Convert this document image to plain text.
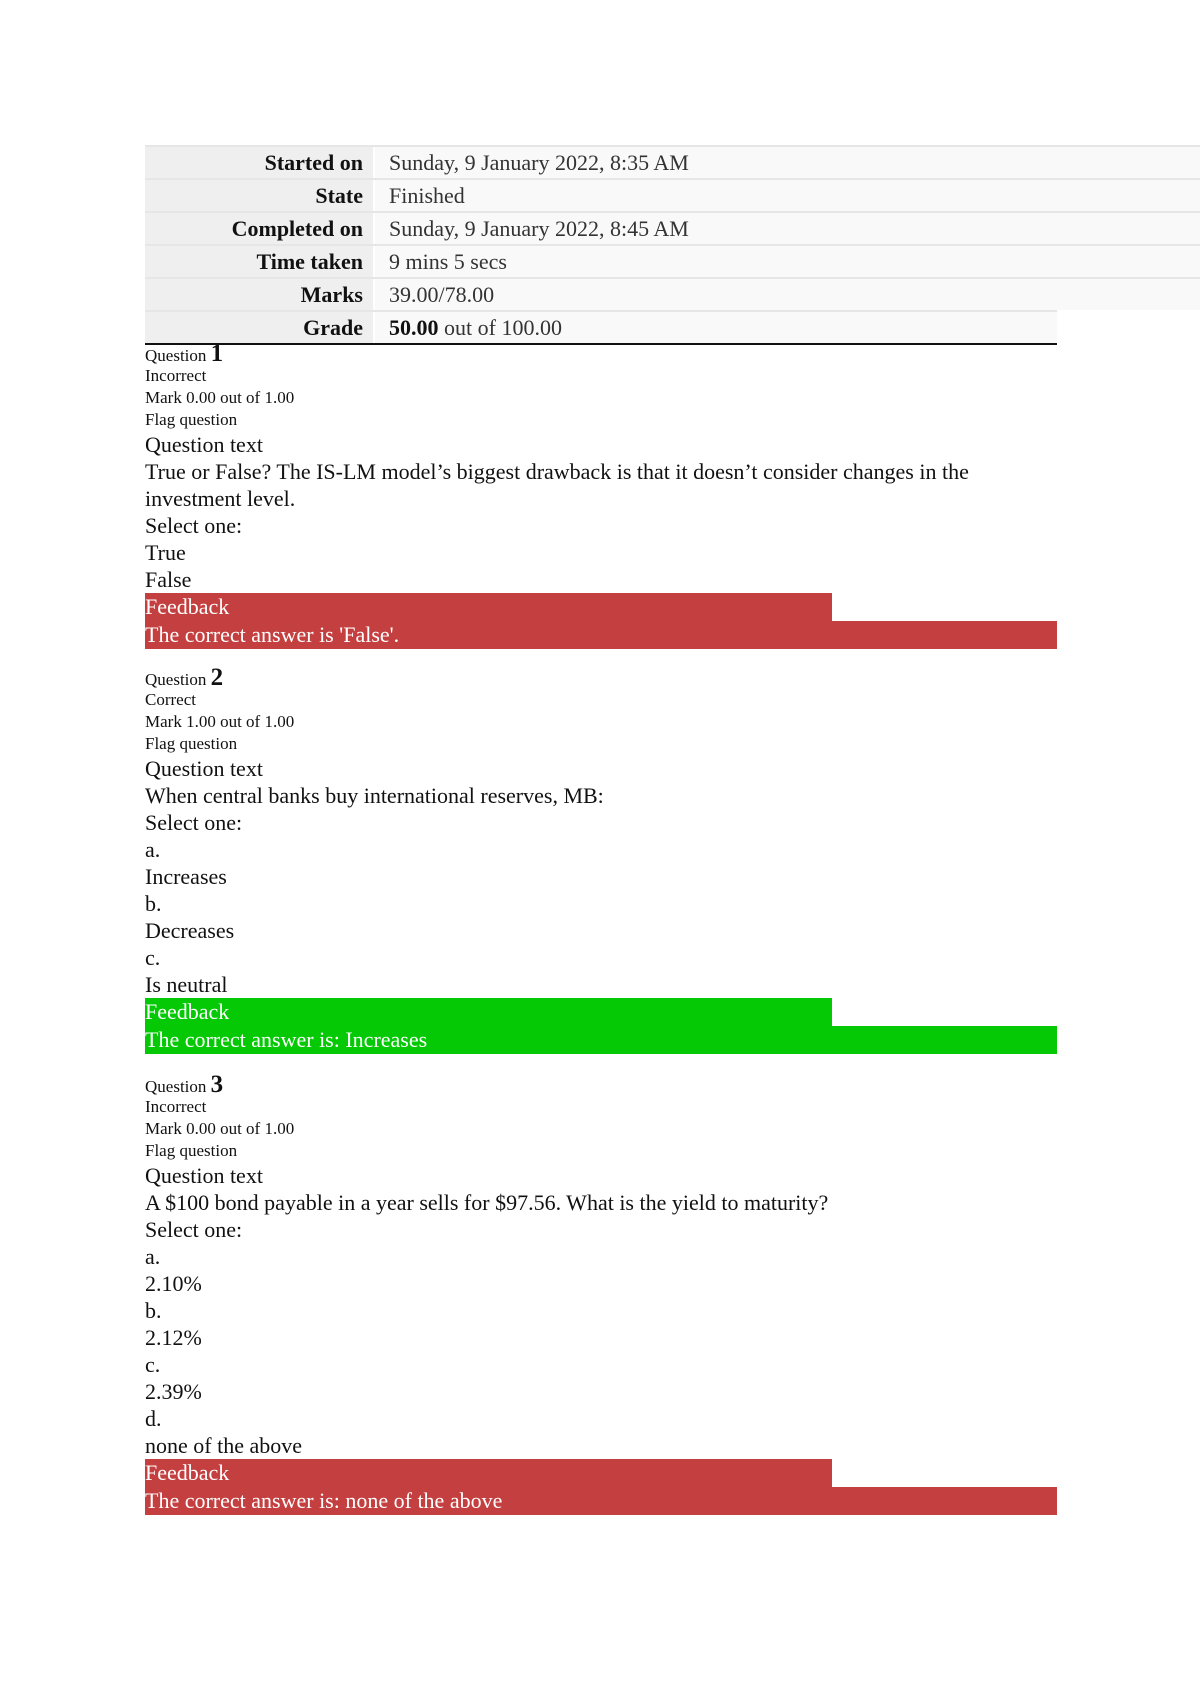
Started on	Sunday, 9 January 2022, 8:35 AM
State	Finished
Completed on	Sunday, 9 January 2022, 8:45 AM
Time taken	9 mins 5 secs
Marks	39.00/78.00
Grade	50.00 out of 100.00
Question 1
Incorrect
Mark 0.00 out of 1.00
Flag question
Question text
True or False? The IS-LM model’s biggest drawback is that it doesn’t consider changes in the investment level.
Select one:
True
False
Feedback
The correct answer is 'False'.
Question 2
Correct
Mark 1.00 out of 1.00
Flag question
Question text
When central banks buy international reserves, MB:
Select one:
a.
Increases
b.
Decreases
c.
Is neutral
Feedback
The correct answer is: Increases
Question 3
Incorrect
Mark 0.00 out of 1.00
Flag question
Question text
A $100 bond payable in a year sells for $97.56. What is the yield to maturity?
Select one:
a.
2.10%
b.
2.12%
c.
2.39%
d.
none of the above
Feedback
The correct answer is: none of the above
